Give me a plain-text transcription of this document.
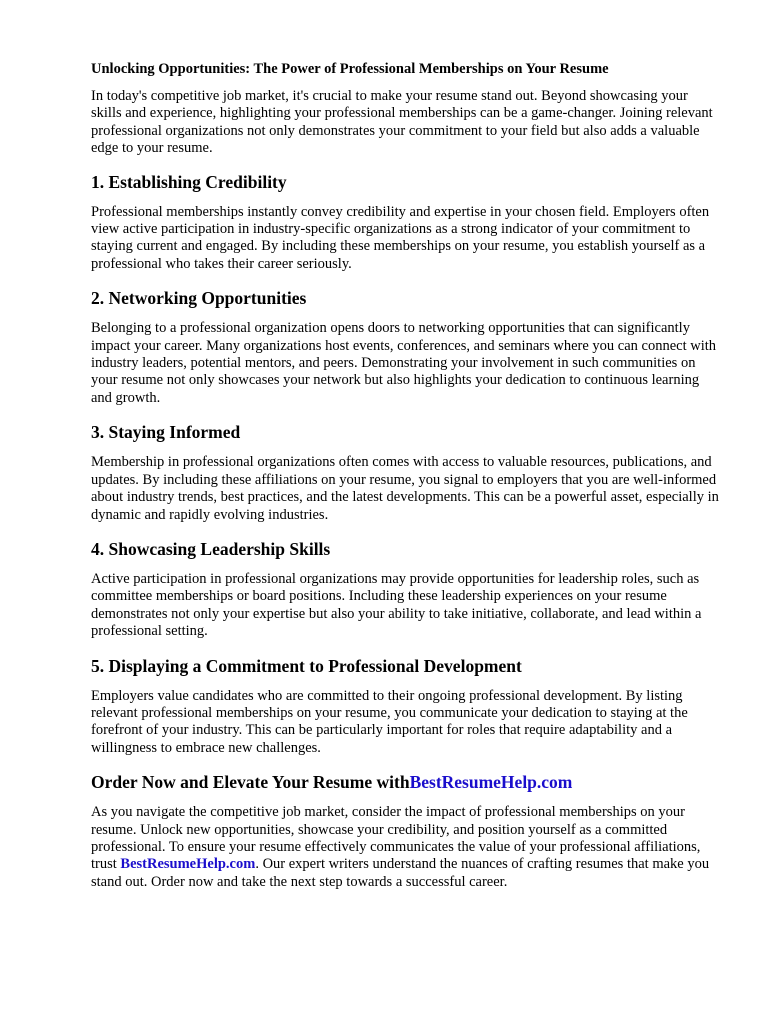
Unlocking Opportunities: The Power of Professional Memberships on Your Resume

In today's competitive job market, it's crucial to make your resume stand out. Beyond showcasing your skills and experience, highlighting your professional memberships can be a game-changer. Joining relevant professional organizations not only demonstrates your commitment to your field but also adds a valuable edge to your resume.

1. Establishing Credibility

Professional memberships instantly convey credibility and expertise in your chosen field. Employers often view active participation in industry-specific organizations as a strong indicator of your commitment to staying current and engaged. By including these memberships on your resume, you establish yourself as a professional who takes their career seriously.

2. Networking Opportunities

Belonging to a professional organization opens doors to networking opportunities that can significantly impact your career. Many organizations host events, conferences, and seminars where you can connect with industry leaders, potential mentors, and peers. Demonstrating your involvement in such communities on your resume not only showcases your network but also highlights your dedication to continuous learning and growth.

3. Staying Informed

Membership in professional organizations often comes with access to valuable resources, publications, and updates. By including these affiliations on your resume, you signal to employers that you are well-informed about industry trends, best practices, and the latest developments. This can be a powerful asset, especially in dynamic and rapidly evolving industries.

4. Showcasing Leadership Skills

Active participation in professional organizations may provide opportunities for leadership roles, such as committee memberships or board positions. Including these leadership experiences on your resume demonstrates not only your expertise but also your ability to take initiative, collaborate, and lead within a professional setting.

5. Displaying a Commitment to Professional Development

Employers value candidates who are committed to their ongoing professional development. By listing relevant professional memberships on your resume, you communicate your dedication to staying at the forefront of your industry. This can be particularly important for roles that require adaptability and a willingness to embrace new challenges.

Order Now and Elevate Your Resume withBestResumeHelp.com

As you navigate the competitive job market, consider the impact of professional memberships on your resume. Unlock new opportunities, showcase your credibility, and position yourself as a committed professional. To ensure your resume effectively communicates the value of your professional affiliations, trust BestResumeHelp.com. Our expert writers understand the nuances of crafting resumes that make you stand out. Order now and take the next step towards a successful career.
